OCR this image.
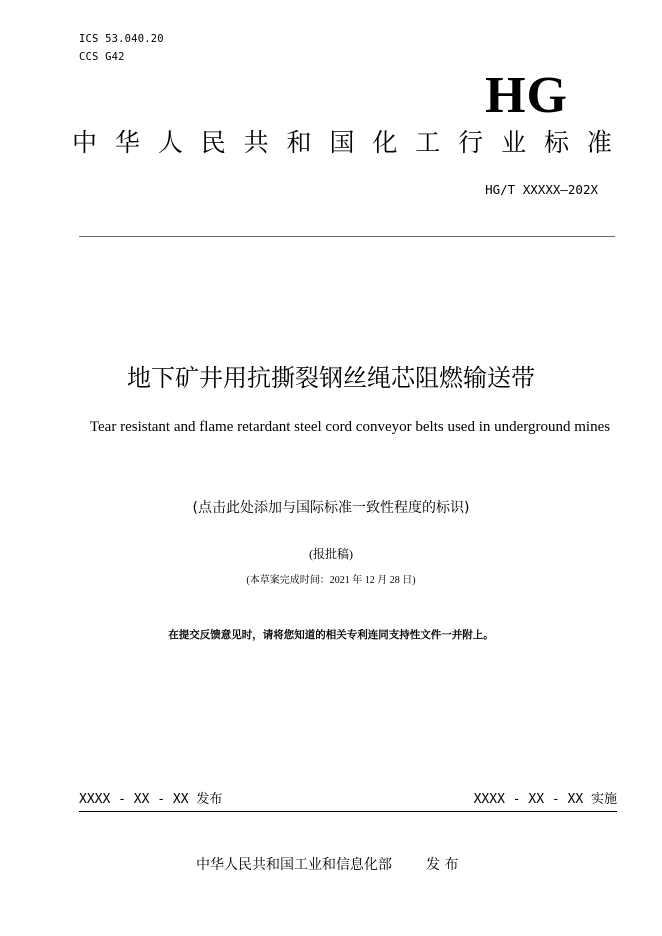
ICS 53.040.20
CCS G42
HG
中 华 人 民 共 和 国 化 工 行 业 标 准
HG/T XXXXX—202X
地下矿井用抗撕裂钢丝绳芯阻燃输送带
Tear resistant and flame retardant steel cord conveyor belts used in underground mines
(点击此处添加与国际标准一致性程度的标识)
(报批稿)
(本草案完成时间：2021 年 12 月 28 日)
在提交反馈意见时，请将您知道的相关专利连同支持性文件一并附上。
XXXX - XX - XX 发布	XXXX - XX - XX 实施
中华人民共和国工业和信息化部 发 布
